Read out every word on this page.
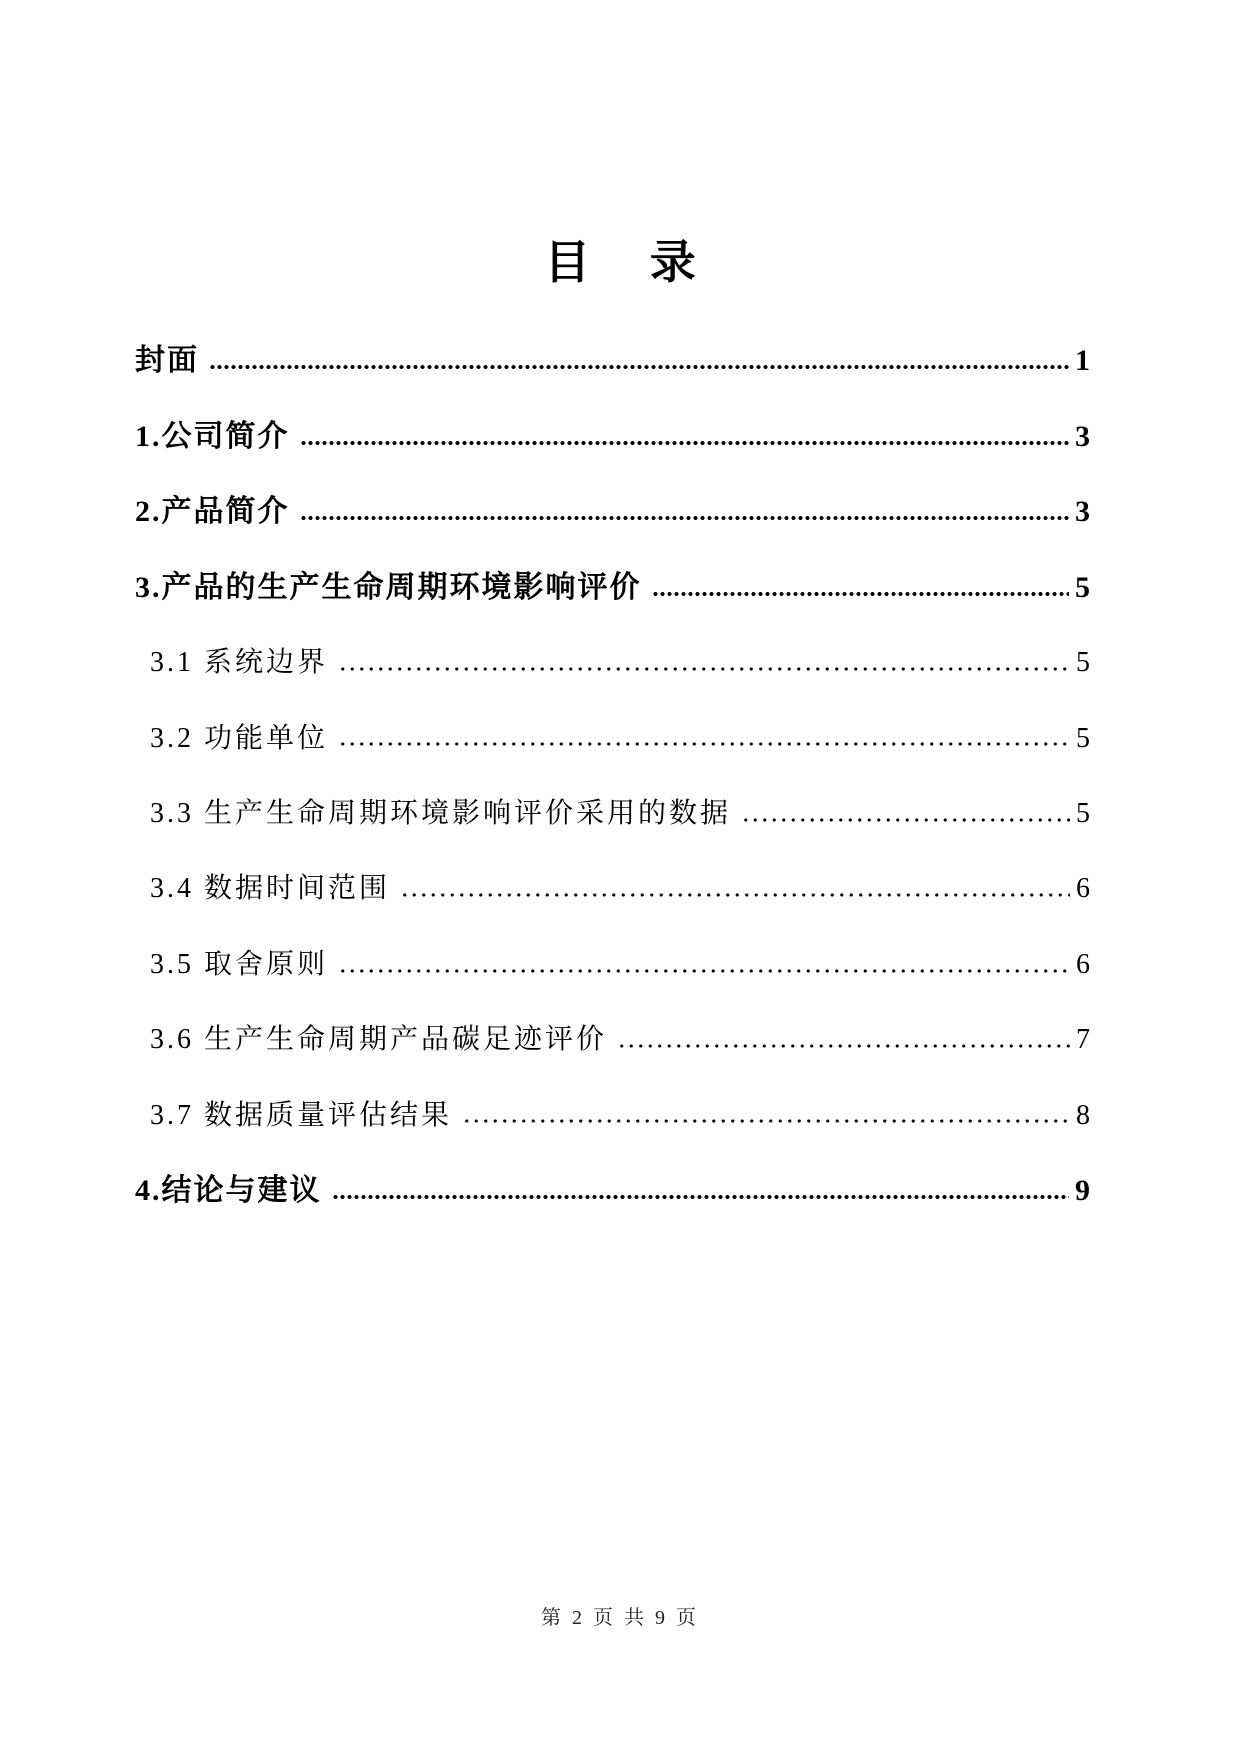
目 录
封面	1
1.公司简介	3
2.产品简介	3
3.产品的生产生命周期环境影响评价	5
3.1 系统边界	5
3.2 功能单位	5
3.3 生产生命周期环境影响评价采用的数据	5
3.4 数据时间范围	6
3.5 取舍原则	6
3.6 生产生命周期产品碳足迹评价	7
3.7 数据质量评估结果	8
4.结论与建议	9
第 2 页 共 9 页
